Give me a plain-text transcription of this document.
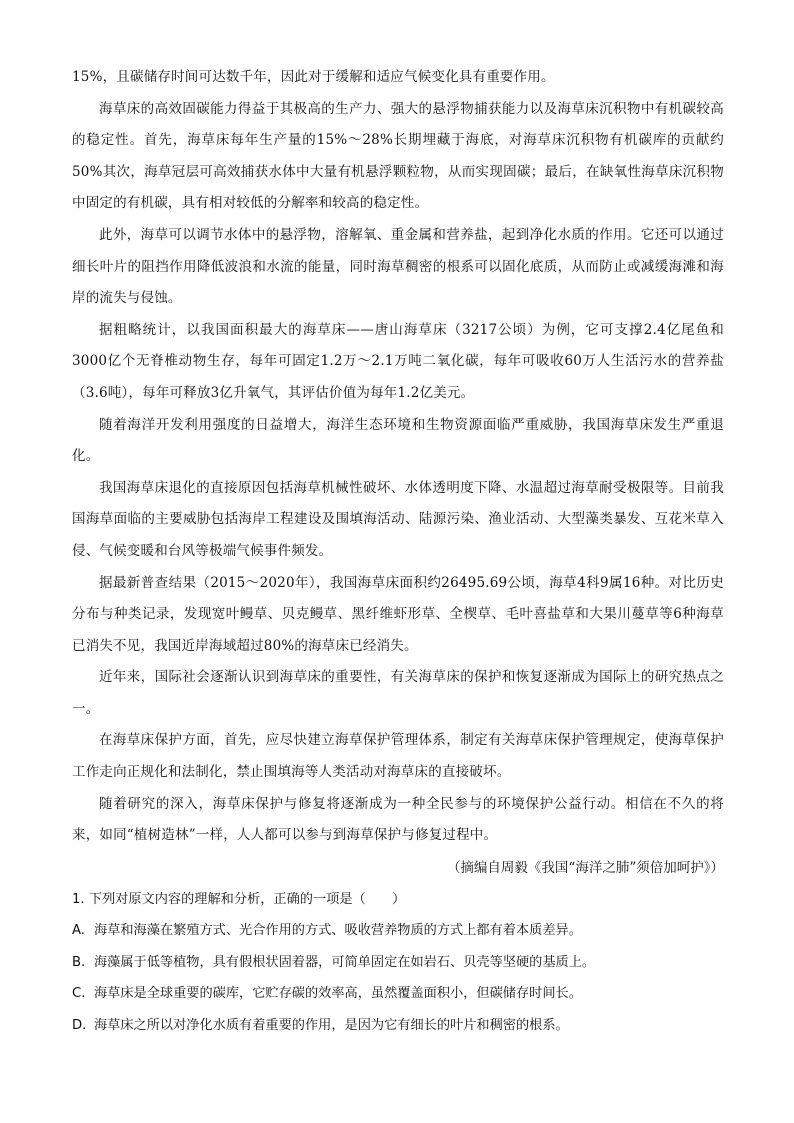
15%，且碳储存时间可达数千年，因此对于缓解和适应气候变化具有重要作用。

海草床的高效固碳能力得益于其极高的生产力、强大的悬浮物捕获能力以及海草床沉积物中有机碳较高的稳定性。首先，海草床每年生产量的15%～28%长期埋藏于海底，对海草床沉积物有机碳库的贡献约50%其次，海草冠层可高效捕获水体中大量有机悬浮颗粒物，从而实现固碳；最后，在缺氧性海草床沉积物中固定的有机碳，具有相对较低的分解率和较高的稳定性。

此外，海草可以调节水体中的悬浮物，溶解氧、重金属和营养盐，起到净化水质的作用。它还可以通过细长叶片的阻挡作用降低波浪和水流的能量，同时海草稠密的根系可以固化底质，从而防止或减缓海滩和海岸的流失与侵蚀。

据粗略统计，以我国面积最大的海草床——唐山海草床（3217公顷）为例，它可支撑2.4亿尾鱼和3000亿个无脊椎动物生存，每年可固定1.2万～2.1万吨二氧化碳，每年可吸收60万人生活污水的营养盐（3.6吨），每年可释放3亿升氧气，其评估价值为每年1.2亿美元。

随着海洋开发利用强度的日益增大，海洋生态环境和生物资源面临严重威胁，我国海草床发生严重退化。

我国海草床退化的直接原因包括海草机械性破坏、水体透明度下降、水温超过海草耐受极限等。目前我国海草面临的主要威胁包括海岸工程建设及围填海活动、陆源污染、渔业活动、大型藻类暴发、互花米草入侵、气候变暖和台风等极端气候事件频发。

据最新普查结果（2015～2020年），我国海草床面积约26495.69公顷，海草4科9属16种。对比历史分布与种类记录，发现宽叶鳗草、贝克鳗草、黑纤维虾形草、全楔草、毛叶喜盐草和大果川蔓草等6种海草已消失不见，我国近岸海域超过80%的海草床已经消失。

近年来，国际社会逐渐认识到海草床的重要性，有关海草床的保护和恢复逐渐成为国际上的研究热点之一。

在海草床保护方面，首先，应尽快建立海草保护管理体系，制定有关海草床保护管理规定，使海草保护工作走向正规化和法制化，禁止围填海等人类活动对海草床的直接破坏。

随着研究的深入，海草床保护与修复将逐渐成为一种全民参与的环境保护公益行动。相信在不久的将来，如同“植树造林”一样，人人都可以参与到海草保护与修复过程中。

（摘编自周毅《我国“海洋之肺”须倍加呵护》）

1. 下列对原文内容的理解和分析，正确的一项是（　　）

A. 海草和海藻在繁殖方式、光合作用的方式、吸收营养物质的方式上都有着本质差异。

B. 海藻属于低等植物，具有假根状固着器，可简单固定在如岩石、贝壳等坚硬的基质上。

C. 海草床是全球重要的碳库，它贮存碳的效率高，虽然覆盖面积小，但碳储存时间长。

D. 海草床之所以对净化水质有着重要的作用，是因为它有细长的叶片和稠密的根系。
